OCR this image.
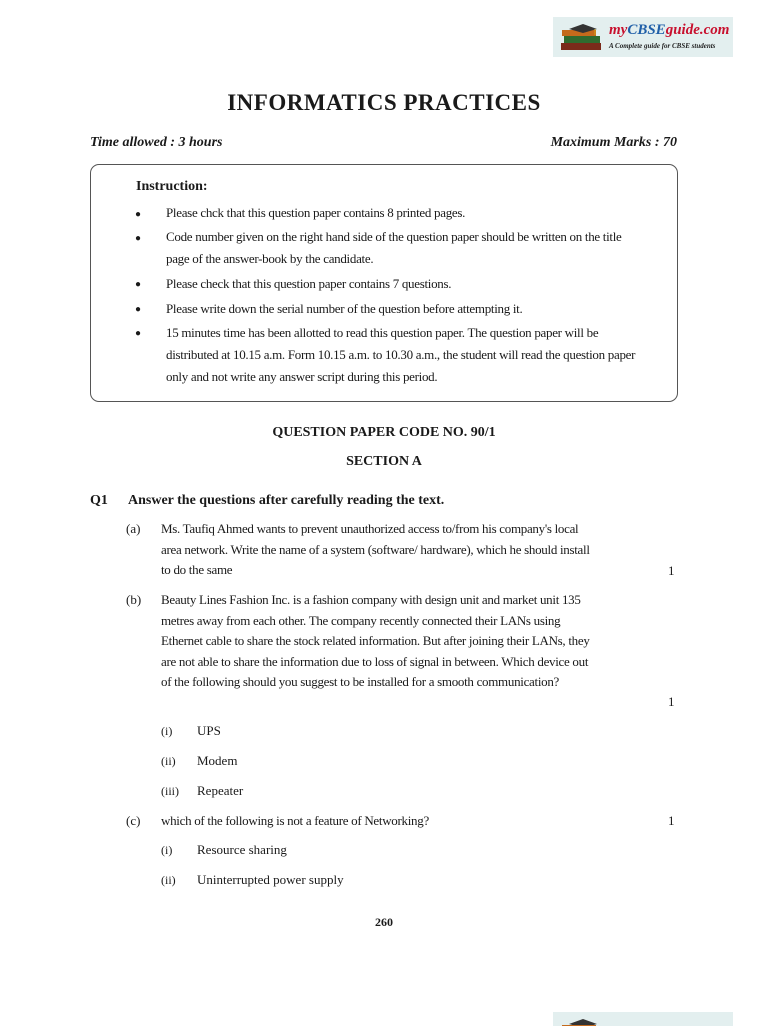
myCBSEguide.com
A Complete guide for CBSE students
INFORMATICS PRACTICES
Time allowed : 3 hours	Maximum Marks : 70
Instruction:
● Please chck that this question paper contains 8 printed pages.
● Code number given on the right hand side of the question paper should be written on the title page of the answer-book by the candidate.
● Please check that this question paper contains 7 questions.
● Please write down the serial number of the question before attempting it.
● 15 minutes time has been allotted to read this question paper. The question paper will be distributed at 10.15 a.m. Form 10.15 a.m. to 10.30 a.m., the student will read the question paper only and not write any answer script during this period.
QUESTION PAPER CODE NO. 90/1
SECTION A
Q1 Answer the questions after carefully reading the text.
(a) Ms. Taufiq Ahmed wants to prevent unauthorized access to/from his company's local area network. Write the name of a system (software/ hardware), which he should install to do the same	1
(b) Beauty Lines Fashion Inc. is a fashion company with design unit and market unit 135 metres away from each other. The company recently connected their LANs using Ethernet cable to share the stock related information. But after joining their LANs, they are not able to share the information due to loss of signal in between. Which device out of the following should you suggest to be installed for a smooth communication?
1
(i) UPS
(ii) Modem
(iii) Repeater
(c) which of the following is not a feature of Networking?	1
(i) Resource sharing
(ii) Uninterrupted power supply
260
